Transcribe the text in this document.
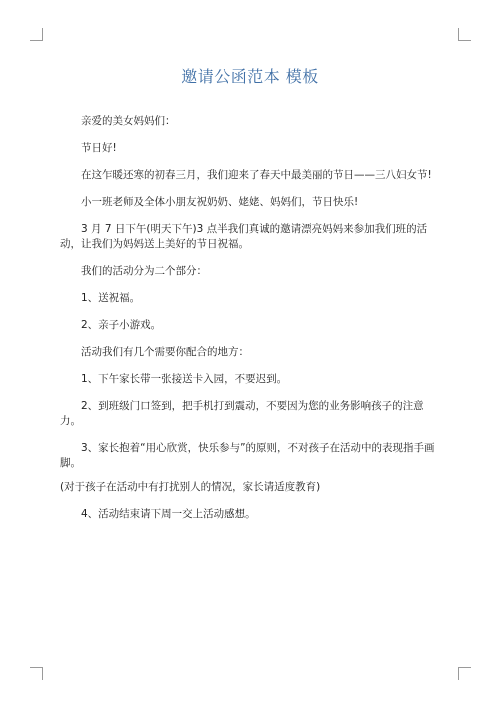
邀请公函范本 模板

亲爱的美女妈妈们：

节日好!

在这乍暖还寒的初春三月，我们迎来了春天中最美丽的节日——三八妇女节!

小一班老师及全体小朋友祝奶奶、姥姥、妈妈们，节日快乐!

3 月 7 日下午(明天下午)3 点半我们真诚的邀请漂亮妈妈来参加我们班的活动，让我们为妈妈送上美好的节日祝福。

我们的活动分为二个部分：

1、送祝福。

2、亲子小游戏。

活动我们有几个需要你配合的地方：

1、下午家长带一张接送卡入园，不要迟到。

2、到班级门口签到，把手机打到震动，不要因为您的业务影响孩子的注意力。

3、家长抱着“用心欣赏，快乐参与”的原则，不对孩子在活动中的表现指手画脚。

(对于孩子在活动中有打扰别人的情况，家长请适度教育)

4、活动结束请下周一交上活动感想。
